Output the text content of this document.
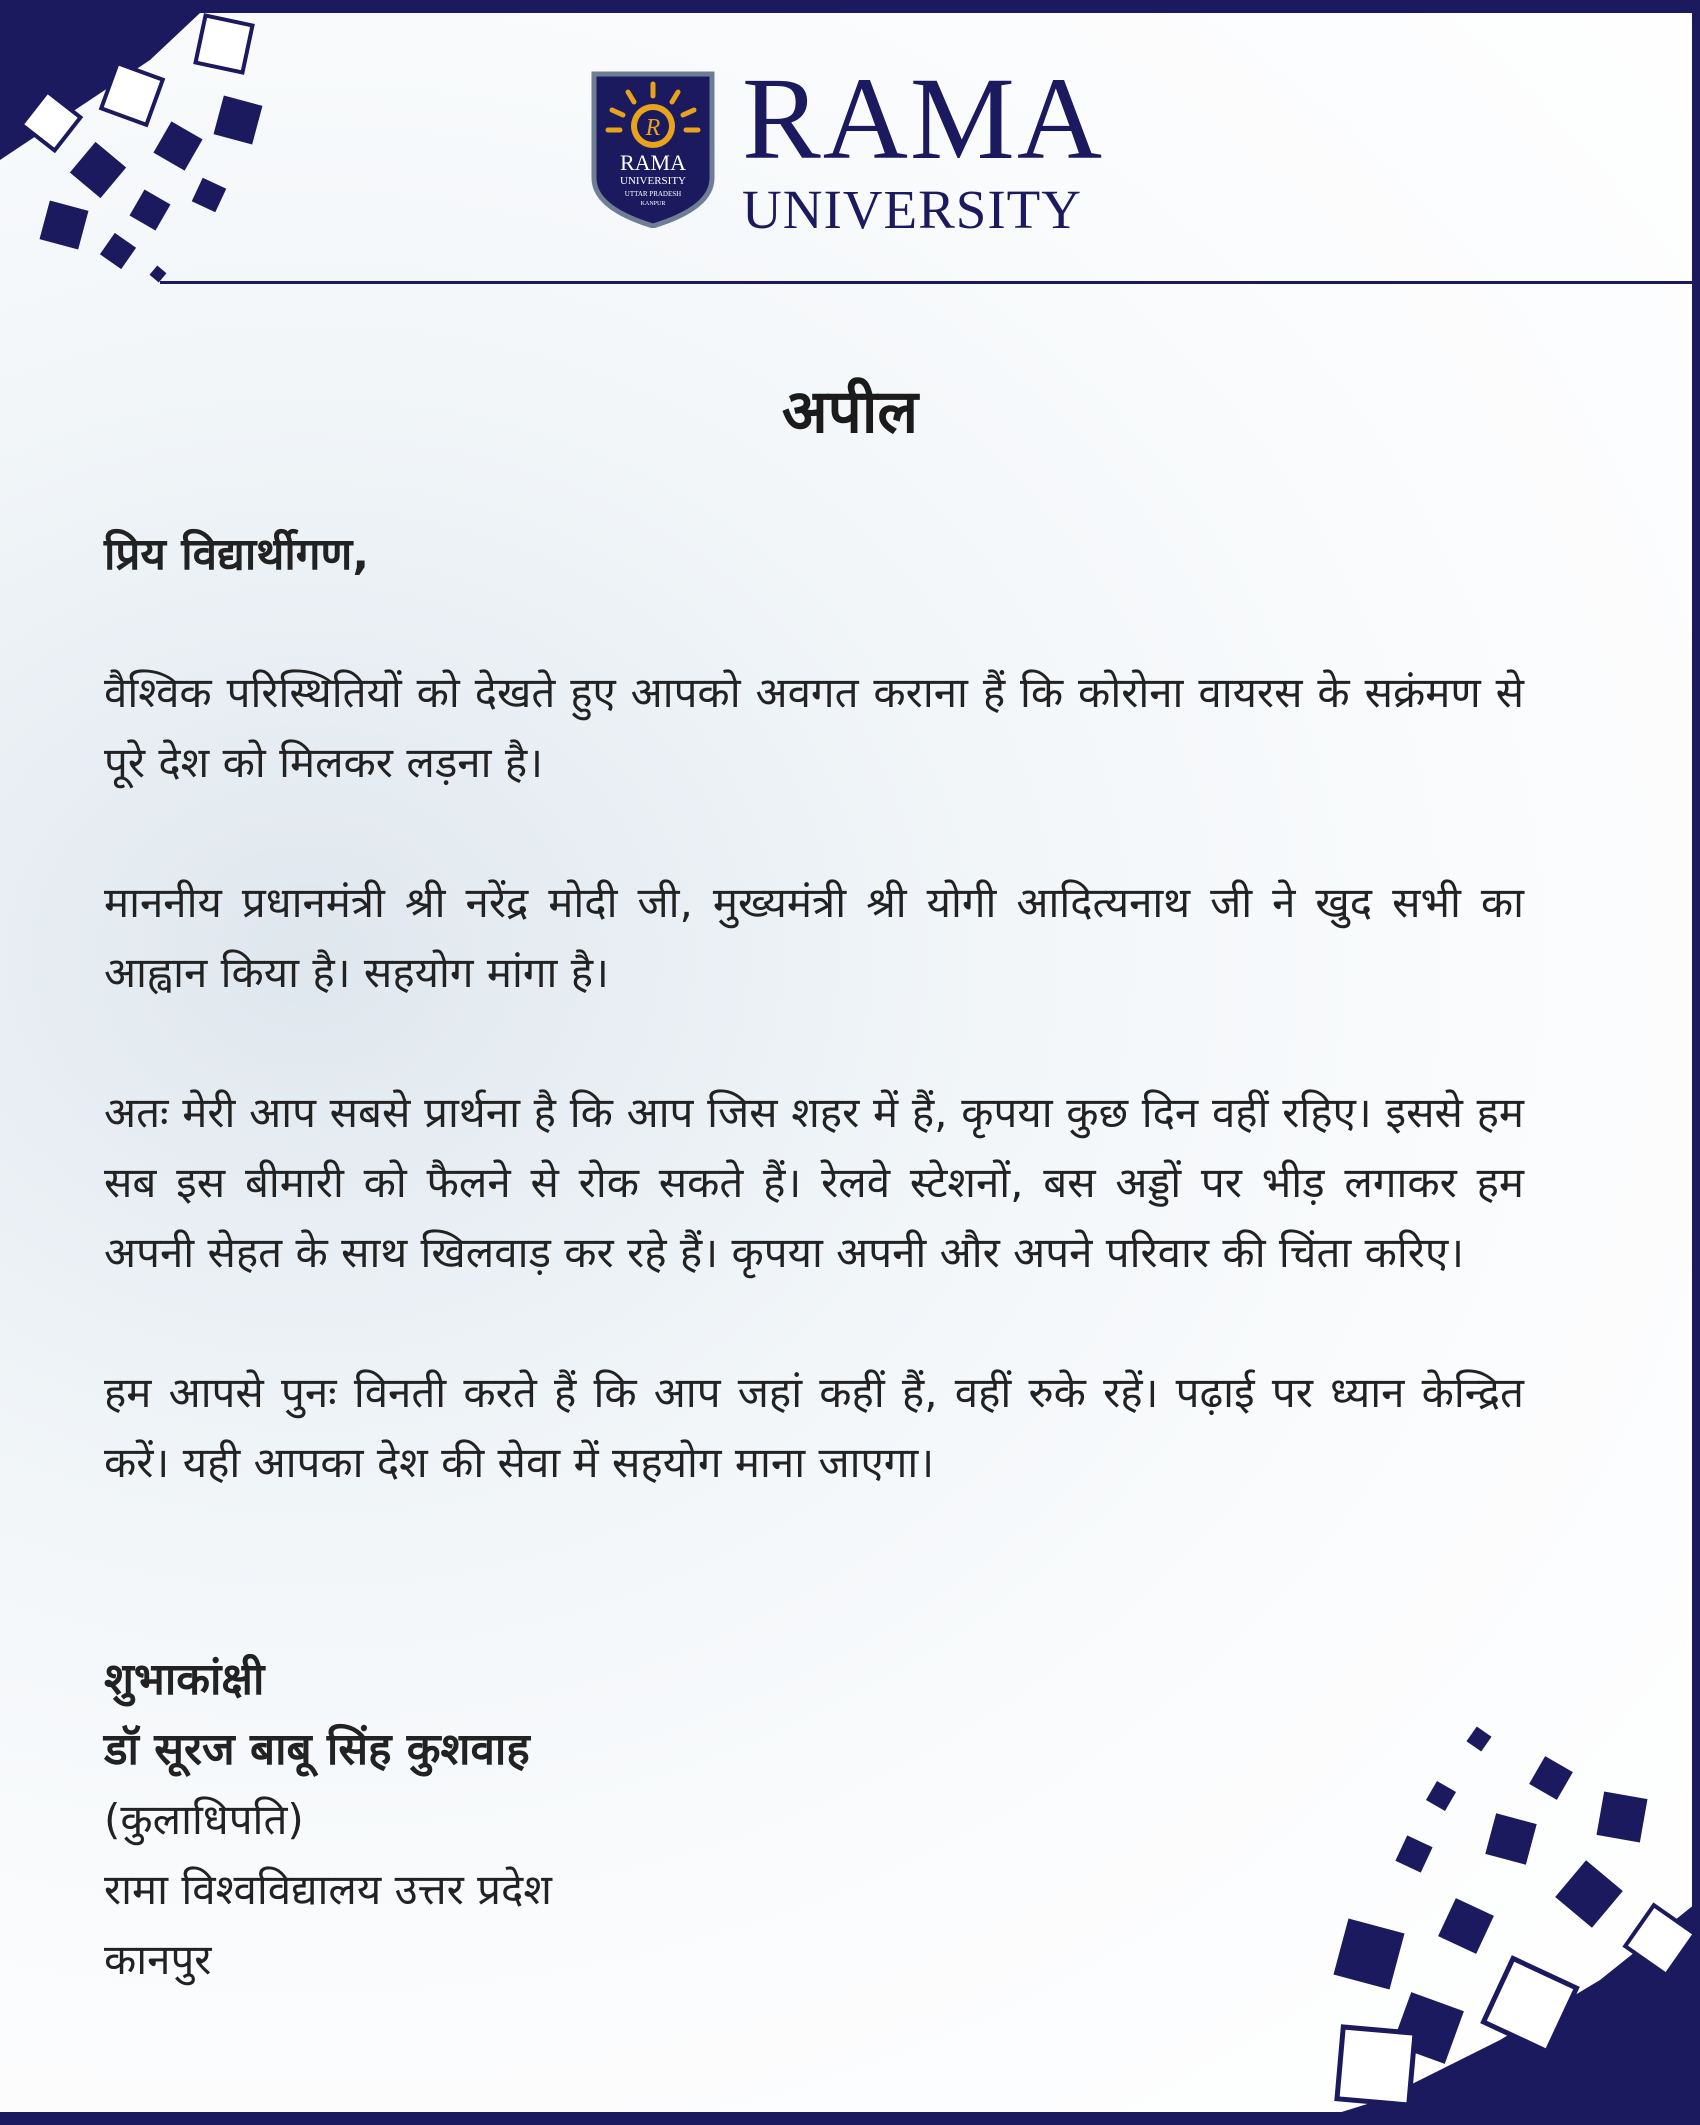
R
RAMA
UNIVERSITY
UTTAR PRADESH
KANPUR
RAMA
UNIVERSITY
अपील

प्रिय विद्यार्थीगण,

वैश्विक परिस्थितियों को देखते हुए आपको अवगत कराना हैं कि कोरोना वायरस के सक्रंमण से पूरे देश को मिलकर लड़ना है।

माननीय प्रधानमंत्री श्री नरेंद्र मोदी जी, मुख्यमंत्री श्री योगी आदित्यनाथ जी ने खुद सभी का आह्वान किया है। सहयोग मांगा है।

अतः मेरी आप सबसे प्रार्थना है कि आप जिस शहर में हैं, कृपया कुछ दिन वहीं रहिए। इससे हम सब इस बीमारी को फैलने से रोक सकते हैं। रेलवे स्टेशनों, बस अड्डों पर भीड़ लगाकर हम अपनी सेहत के साथ खिलवाड़ कर रहे हैं। कृपया अपनी और अपने परिवार की चिंता करिए।

हम आपसे पुनः विनती करते हैं कि आप जहां कहीं हैं, वहीं रुके रहें। पढ़ाई पर ध्यान केन्द्रित करें। यही आपका देश की सेवा में सहयोग माना जाएगा।

शुभाकांक्षी
डॉ सूरज बाबू सिंह कुशवाह
(कुलाधिपति)
रामा विश्वविद्यालय उत्तर प्रदेश
कानपुर
